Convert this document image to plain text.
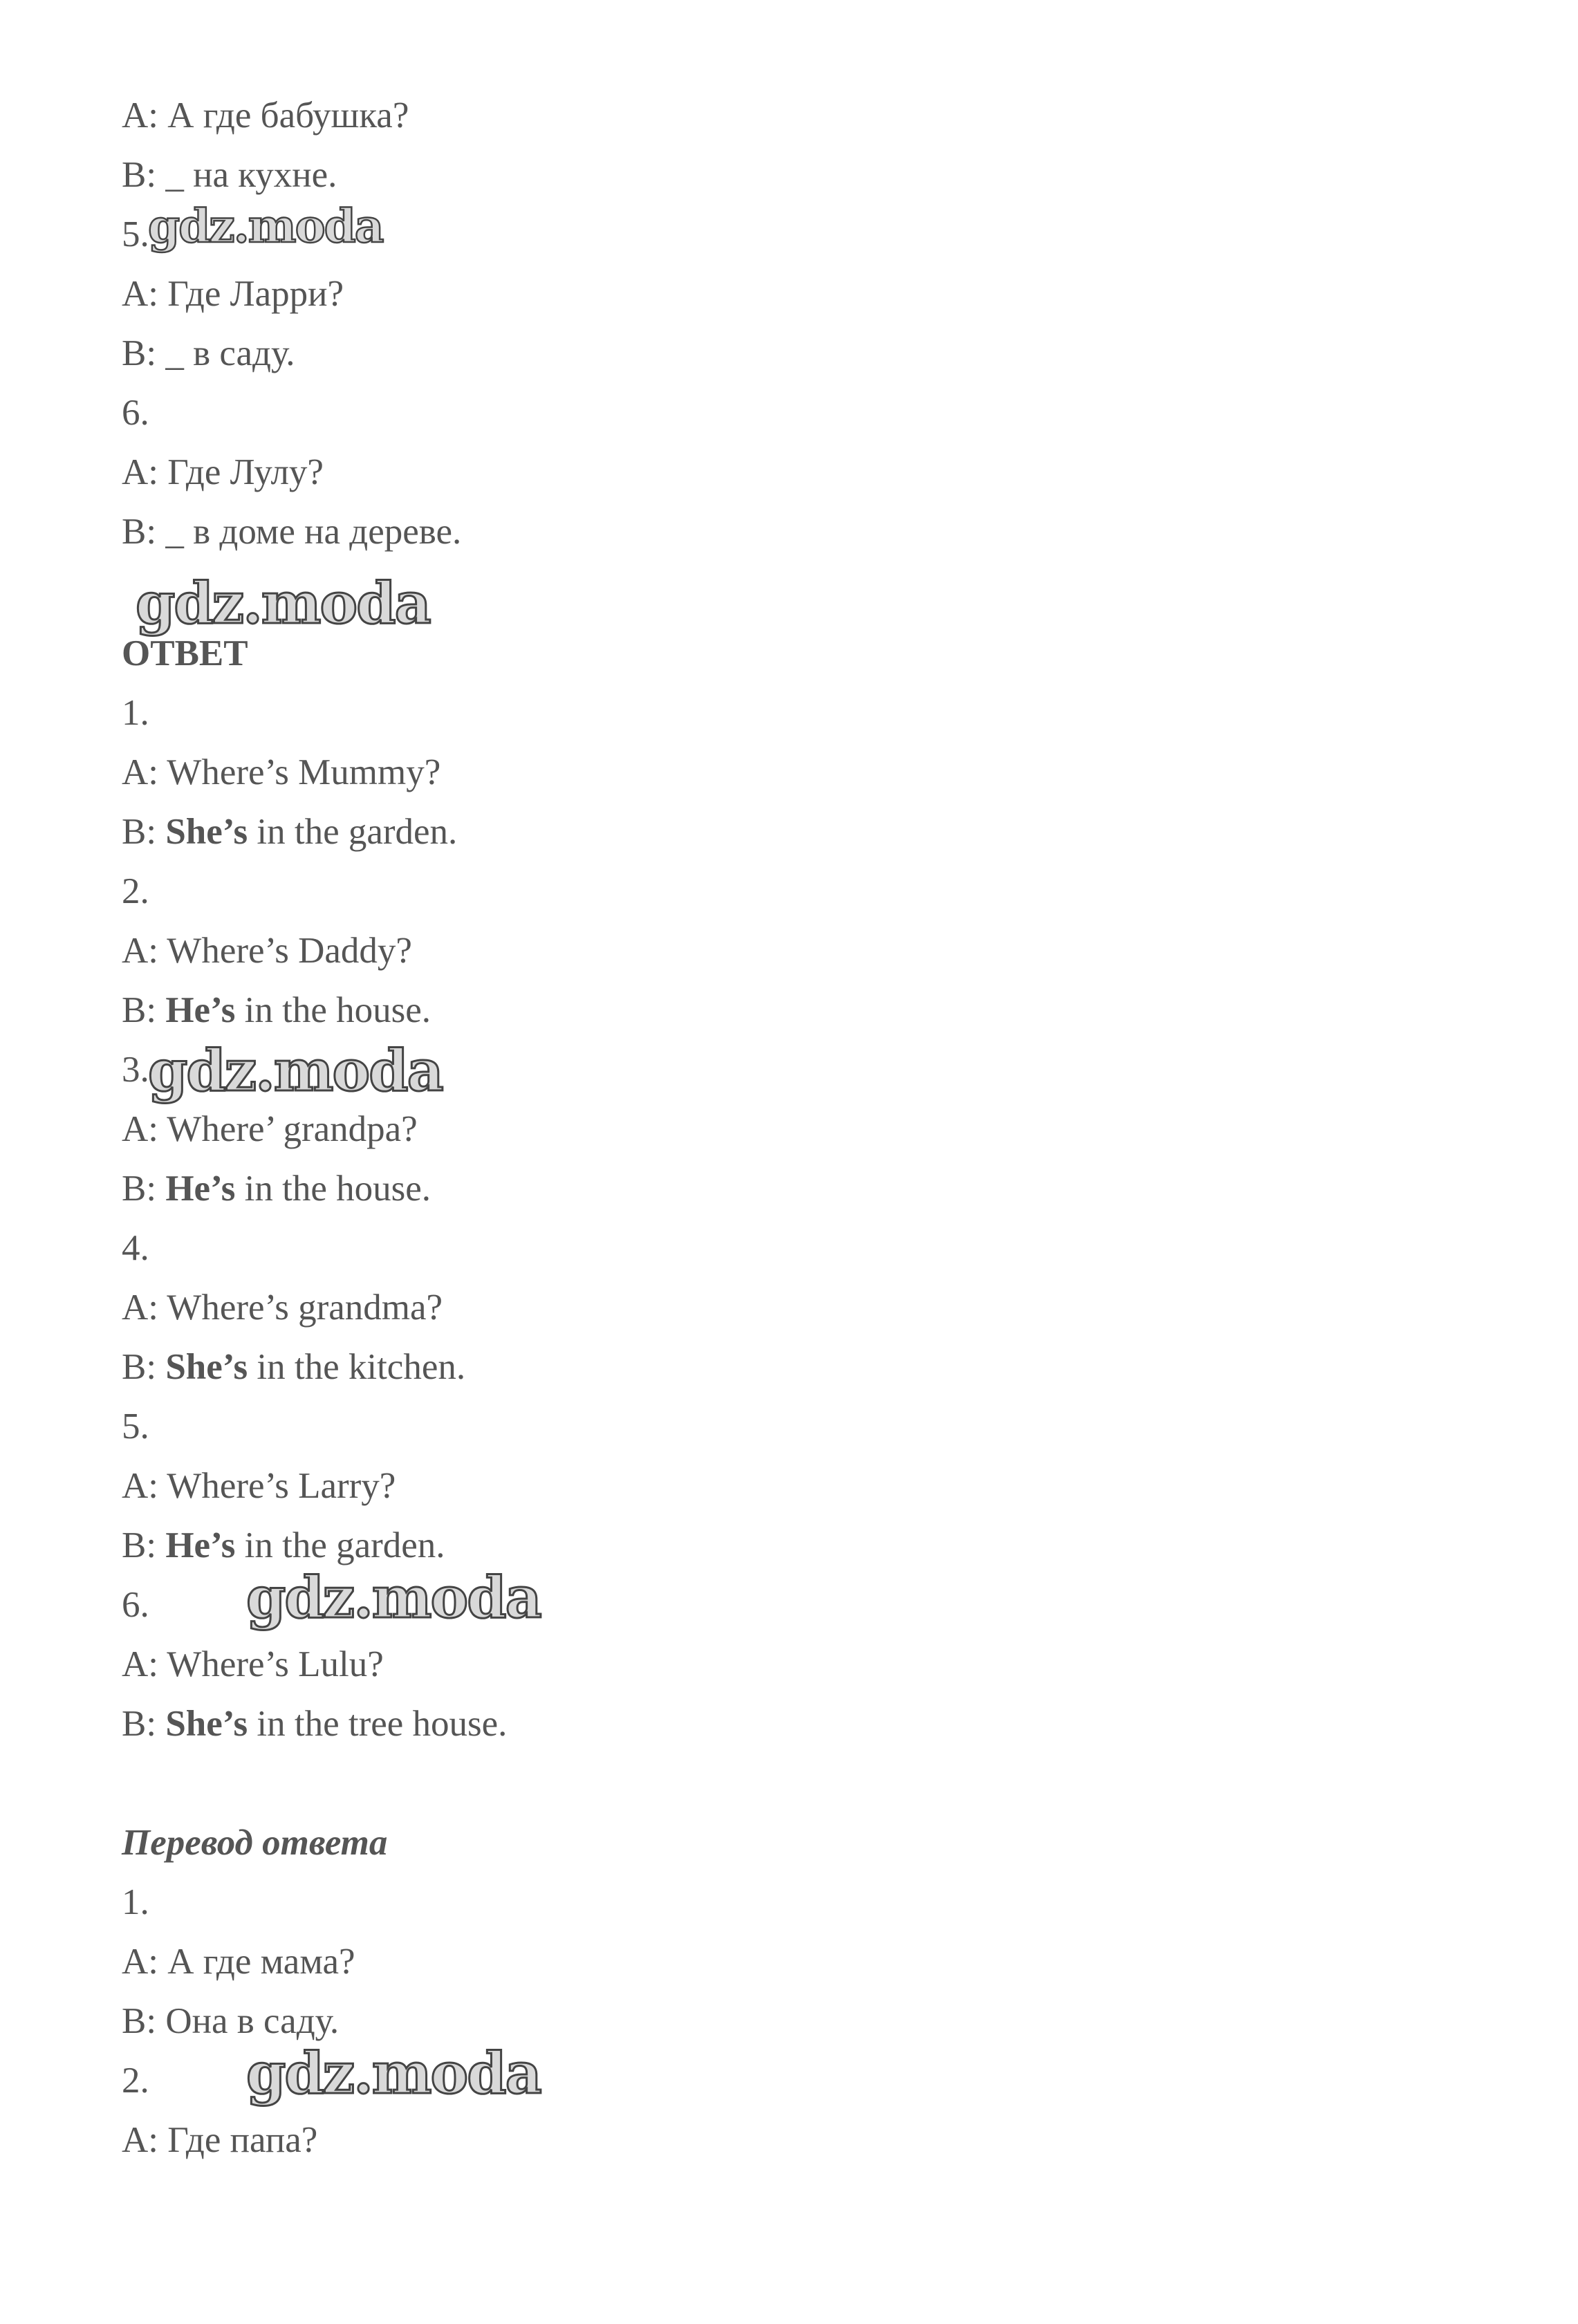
A: А где бабушка?
B: _ на кухне.
5.
gdz.moda
A: Где Ларри?
B: _ в саду.
6.
A: Где Лулу?
B: _ в доме на дереве.
gdz.moda
ОТВЕТ
1.
A: Where’s Mummy?
B: She’s in the garden.
2.
A: Where’s Daddy?
B: He’s in the house.
3.
gdz.moda
A: Where’ grandpa?
B: He’s in the house.
4.
A: Where’s grandma?
B: She’s in the kitchen.
5.
A: Where’s Larry?
B: He’s in the garden.
6. gdz.moda
A: Where’s Lulu?
B: She’s in the tree house.
Перевод ответа
1.
A: А где мама?
B: Она в саду.
2. gdz.moda
A: Где папа?
